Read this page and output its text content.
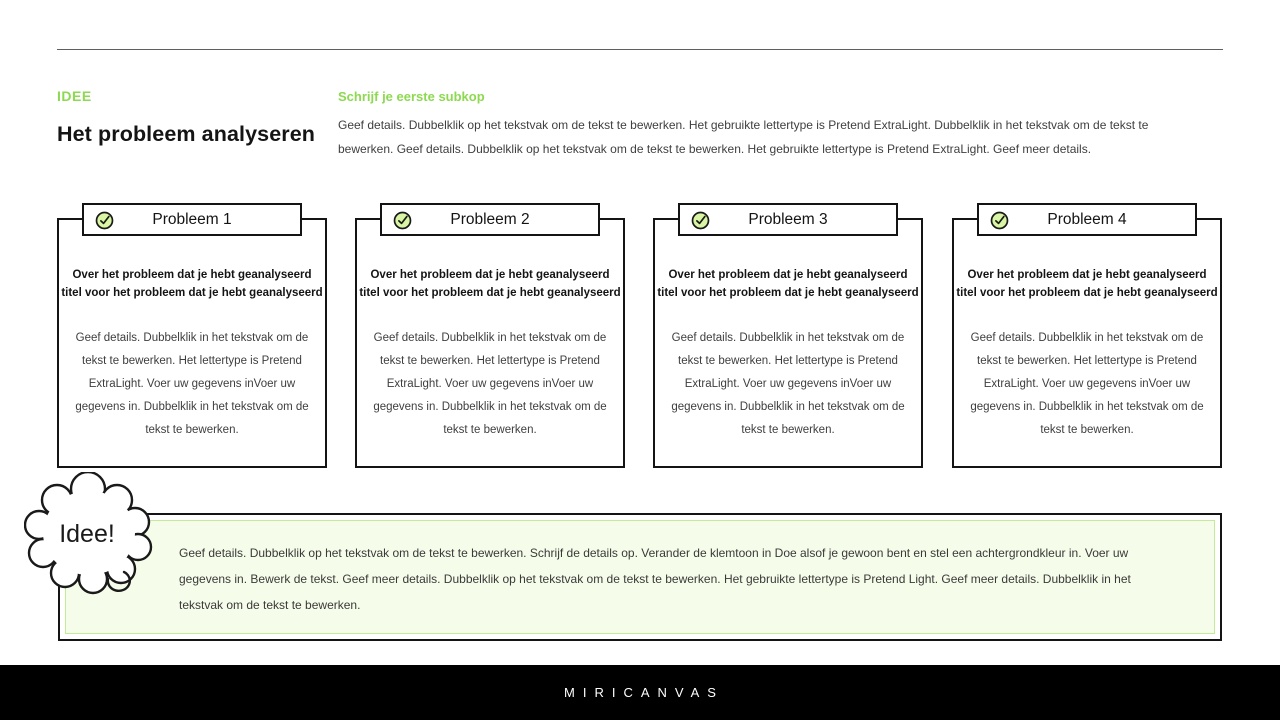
IDEE
Het probleem analyseren
Schrijf je eerste subkop
Geef details. Dubbelklik op het tekstvak om de tekst te bewerken. Het gebruikte lettertype is Pretend ExtraLight. Dubbelklik in het tekstvak om de tekst te bewerken. Geef details. Dubbelklik op het tekstvak om de tekst te bewerken. Het gebruikte lettertype is Pretend ExtraLight. Geef meer details.
Over het probleem dat je hebt geanalyseerd
titel voor het probleem dat je hebt geanalyseerd
Geef details. Dubbelklik in het tekstvak om de tekst te bewerken. Het lettertype is Pretend ExtraLight. Voer uw gegevens inVoer uw gegevens in. Dubbelklik in het tekstvak om de tekst te bewerken.
Probleem 1
Over het probleem dat je hebt geanalyseerd
titel voor het probleem dat je hebt geanalyseerd
Geef details. Dubbelklik in het tekstvak om de tekst te bewerken. Het lettertype is Pretend ExtraLight. Voer uw gegevens inVoer uw gegevens in. Dubbelklik in het tekstvak om de tekst te bewerken.
Probleem 2
Over het probleem dat je hebt geanalyseerd
titel voor het probleem dat je hebt geanalyseerd
Geef details. Dubbelklik in het tekstvak om de tekst te bewerken. Het lettertype is Pretend ExtraLight. Voer uw gegevens inVoer uw gegevens in. Dubbelklik in het tekstvak om de tekst te bewerken.
Probleem 3
Over het probleem dat je hebt geanalyseerd
titel voor het probleem dat je hebt geanalyseerd
Geef details. Dubbelklik in het tekstvak om de tekst te bewerken. Het lettertype is Pretend ExtraLight. Voer uw gegevens inVoer uw gegevens in. Dubbelklik in het tekstvak om de tekst te bewerken.
Probleem 4
Geef details. Dubbelklik op het tekstvak om de tekst te bewerken. Schrijf de details op. Verander de klemtoon in Doe alsof je gewoon bent en stel een achtergrondkleur in. Voer uw gegevens in. Bewerk de tekst. Geef meer details. Dubbelklik op het tekstvak om de tekst te bewerken. Het gebruikte lettertype is Pretend Light. Geef meer details. Dubbelklik in het tekstvak om de tekst te bewerken.
Idee!
MIRICANVAS
